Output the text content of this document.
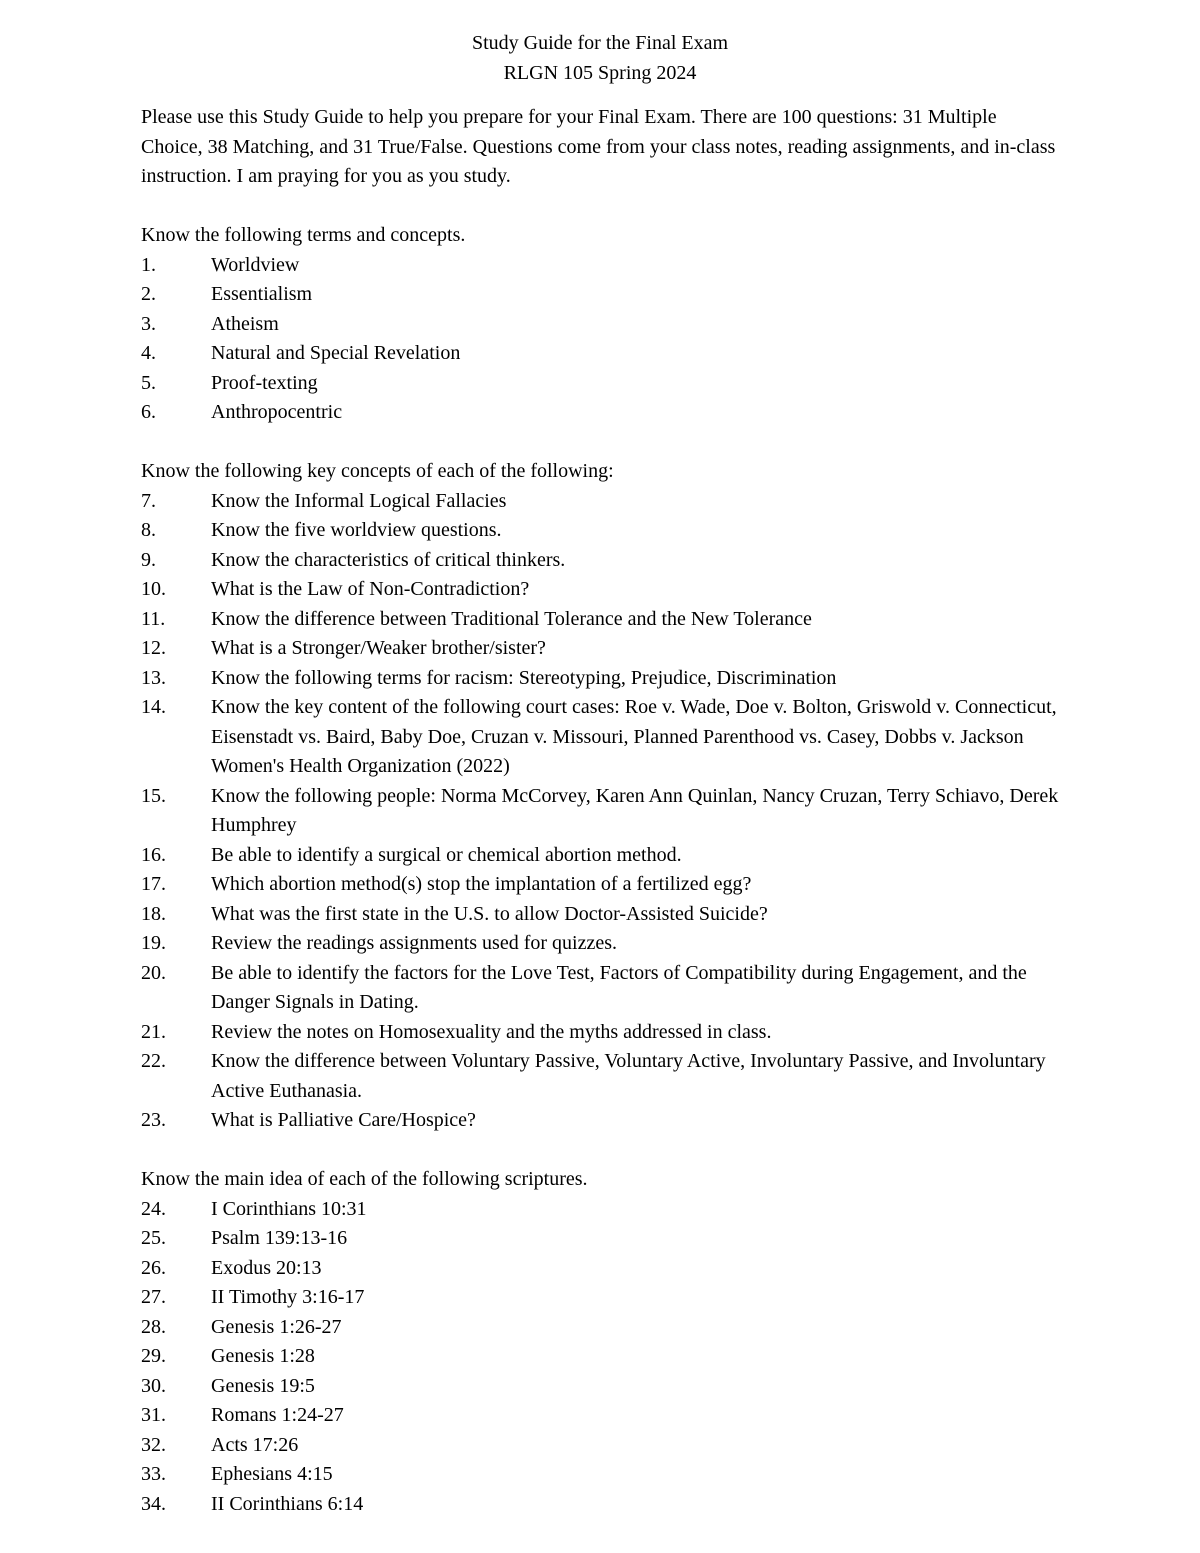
Study Guide for the Final Exam
RLGN 105 Spring 2024

Please use this Study Guide to help you prepare for your Final Exam. There are 100 questions: 31 Multiple Choice, 38 Matching, and 31 True/False. Questions come from your class notes, reading assignments, and in-class instruction. I am praying for you as you study.

Know the following terms and concepts.
1.	Worldview
2.	Essentialism
3.	Atheism
4.	Natural and Special Revelation
5.	Proof-texting
6.	Anthropocentric
Know the following key concepts of each of the following:
7.	Know the Informal Logical Fallacies
8.	Know the five worldview questions.
9.	Know the characteristics of critical thinkers.
10.	What is the Law of Non-Contradiction?
11.	Know the difference between Traditional Tolerance and the New Tolerance
12.	What is a Stronger/Weaker brother/sister?
13.	Know the following terms for racism: Stereotyping, Prejudice, Discrimination
14.	Know the key content of the following court cases: Roe v. Wade, Doe v. Bolton, Griswold v. Connecticut, Eisenstadt vs. Baird, Baby Doe, Cruzan v. Missouri, Planned Parenthood vs. Casey, Dobbs v. Jackson Women's Health Organization (2022)
15.	Know the following people: Norma McCorvey, Karen Ann Quinlan, Nancy Cruzan, Terry Schiavo, Derek Humphrey
16.	Be able to identify a surgical or chemical abortion method.
17.	Which abortion method(s) stop the implantation of a fertilized egg?
18.	What was the first state in the U.S. to allow Doctor-Assisted Suicide?
19.	Review the readings assignments used for quizzes.
20.	Be able to identify the factors for the Love Test, Factors of Compatibility during Engagement, and the Danger Signals in Dating.
21.	Review the notes on Homosexuality and the myths addressed in class.
22.	Know the difference between Voluntary Passive, Voluntary Active, Involuntary Passive, and Involuntary Active Euthanasia.
23.	What is Palliative Care/Hospice?
Know the main idea of each of the following scriptures.
24.	I Corinthians 10:31
25.	Psalm 139:13-16
26.	Exodus 20:13
27.	II Timothy 3:16-17
28.	Genesis 1:26-27
29.	Genesis 1:28
30.	Genesis 19:5
31.	Romans 1:24-27
32.	Acts 17:26
33.	Ephesians 4:15
34.	II Corinthians 6:14
